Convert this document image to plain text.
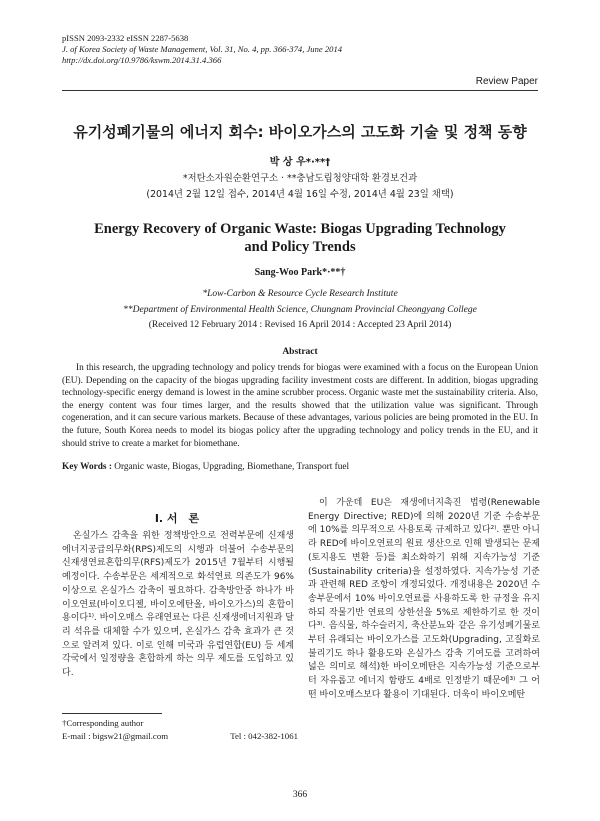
pISSN 2093-2332 eISSN 2287-5638
J. of Korea Society of Waste Management, Vol. 31, No. 4, pp. 366-374, June 2014
http://dx.doi.org/10.9786/kswm.2014.31.4.366
Review Paper
유기성폐기물의 에너지 회수: 바이오가스의 고도화 기술 및 정책 동향
박 상 우*·**†
*저탄소자원순환연구소 · **충남도립청양대학 환경보건과
(2014년 2월 12일 접수, 2014년 4월 16일 수정, 2014년 4월 23일 채택)
Energy Recovery of Organic Waste: Biogas Upgrading Technology
and Policy Trends
Sang-Woo Park*·**†
*Low-Carbon & Resource Cycle Research Institute
**Department of Environmental Health Science, Chungnam Provincial Cheongyang College
(Received 12 February 2014 : Revised 16 April 2014 : Accepted 23 April 2014)
Abstract

In this research, the upgrading technology and policy trends for biogas were examined with a focus on the European Union (EU). Depending on the capacity of the biogas upgrading facility investment costs are different. In addition, biogas upgrading technology-specific energy demand is lowest in the amine scrubber process. Organic waste met the sustainability criteria. Also, the energy content was four times larger, and the results showed that the utilization value was significant. Through cogeneration, and it can secure various markets. Because of these advantages, various policies are being promoted in the EU. In the future, South Korea needs to model its biogas policy after the upgrading technology and policy trends in the EU, and it should strive to create a market for biomethane.

Key Words : Organic waste, Biogas, Upgrading, Biomethane, Transport fuel
I. 서　론

온실가스 감축을 위한 정책방안으로 전력부문에 신재생에너지공급의무화(RPS)제도의 시행과 더불어 수송부문의 신재생연료혼합의무(RFS)제도가 2015년 7월부터 시행될 예정이다. 수송부문은 세계적으로 화석연료 의존도가 96% 이상으로 온실가스 감축이 필요하다. 감축방안중 하나가 바이오연료(바이오디젤, 바이오에탄올, 바이오가스)의 혼합이용이다¹⁾. 바이오매스 유래연료는 다른 신재생에너지원과 달리 석유를 대체할 수가 있으며, 온실가스 감축 효과가 큰 것으로 알려져 있다. 이로 인해 미국과 유럽연합(EU) 등 세계 각국에서 일정량을 혼합하게 하는 의무 제도를 도입하고 있다.

이 가운데 EU은 재생에너지촉진 법령(Renewable Energy Directive; RED)에 의해 2020년 기준 수송부문에 10%를 의무적으로 사용토록 규제하고 있다²⁾. 뿐만 아니라 RED에 바이오연료의 원료 생산으로 인해 발생되는 문제(토지용도 변환 등)를 최소화하기 위해 지속가능성 기준(Sustainability criteria)을 설정하였다. 지속가능성 기준과 관련해 RED 조항이 개정되었다. 개정내용은 2020년 수송부문에서 10% 바이오연료를 사용하도록 한 규정을 유지하되 작물기반 연료의 상한선을 5%로 제한하기로 한 것이다³⁾. 음식물, 하수슬러지, 축산분뇨와 같은 유기성폐기물로부터 유래되는 바이오가스를 고도화(Upgrading, 고질화로 불리기도 하나 활용도와 온실가스 감축 기여도를 고려하여 넓은 의미로 해석)한 바이오메탄은 지속가능성 기준으로부터 자유롭고 에너지 함량도 4배로 인정받기 때문에³⁾ 그 어떤 바이오매스보다 활용이 기대된다. 더욱이 바이오메탄

†Corresponding author
E-mail : bigsw21@gmail.com	Tel : 042-382-1061
366
